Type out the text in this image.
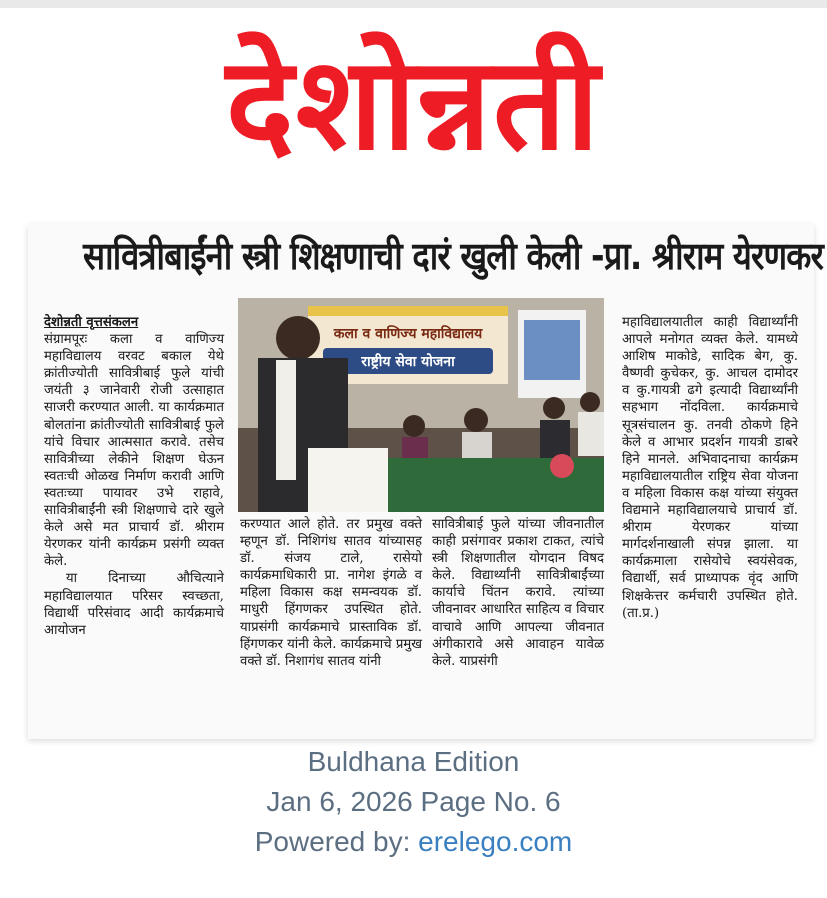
देशोन्नती
सावित्रीबाईंनी स्त्री शिक्षणाची दारं खुली केली -प्रा. श्रीराम येरणकर

देशोन्नती वृत्तसंकलन

संग्रामपूरः कला व वाणिज्य महाविद्यालय वरवट बकाल येथे क्रांतीज्योती सावित्रीबाई फुले यांची जयंती ३ जानेवारी रोजी उत्साहात साजरी करण्यात आली. या कार्यक्रमात बोलतांना क्रांतीज्योती सावित्रीबाई फुले यांचे विचार आत्मसात करावे. तसेच सावित्रीच्या लेकीने शिक्षण घेऊन स्वतःची ओळख निर्माण करावी आणि स्वतःच्या पायावर उभे राहावे, सावित्रीबाईंनी स्त्री शिक्षणाचे दारे खुले केले असे मत प्राचार्य डॉ. श्रीराम येरणकर यांनी कार्यक्रम प्रसंगी व्यक्त केले.

या दिनाच्या औचित्याने महाविद्यालयात परिसर स्वच्छता, विद्यार्थी परिसंवाद आदी कार्यक्रमाचे आयोजन

कला व वाणिज्य महाविद्यालय
राष्ट्रीय सेवा योजना

करण्यात आले होते. तर प्रमुख वक्ते म्हणून डॉ. निशिगंध सातव यांच्यासह डॉ. संजय टाले, रासेयो कार्यक्रमाधिकारी प्रा. नागेश इंगळे व महिला विकास कक्ष समन्वयक डॉ. माधुरी हिंगणकर उपस्थित होते. याप्रसंगी कार्यक्रमाचे प्रास्ताविक डॉ. हिंगणकर यांनी केले. कार्यक्रमाचे प्रमुख वक्ते डॉ. निशागंध सातव यांनी

सावित्रीबाई फुले यांच्या जीवनातील काही प्रसंगावर प्रकाश टाकत, त्यांचे स्त्री शिक्षणातील योगदान विषद केले. विद्यार्थ्यांनी सावित्रीबाईंच्या कार्याचे चिंतन करावे. त्यांच्या जीवनावर आधारित साहित्य व विचार वाचावे आणि आपल्या जीवनात अंगीकारावे असे आवाहन यावेळ केले. याप्रसंगी

महाविद्यालयातील काही विद्यार्थ्यांनी आपले मनोगत व्यक्त केले. यामध्ये आशिष माकोडे, सादिक बेग, कु. वैष्णवी कुचेकर, कु. आचल दामोदर व कु.गायत्री ढगे इत्यादी विद्यार्थ्यांनी सहभाग नोंदविला. कार्यक्रमाचे सूत्रसंचालन कु. तनवी ठोकणे हिने केले व आभार प्रदर्शन गायत्री डाबरे हिने मानले. अभिवादनाचा कार्यक्रम महाविद्यालयातील राष्ट्रिय सेवा योजना व महिला विकास कक्ष यांच्या संयुक्त विद्यमाने महाविद्यालयाचे प्राचार्य डॉ. श्रीराम येरणकर यांच्या मार्गदर्शनाखाली संपन्न झाला. या कार्यक्रमाला रासेयोचे स्वयंसेवक, विद्यार्थी, सर्व प्राध्यापक वृंद आणि शिक्षकेत्तर कर्मचारी उपस्थित होते. (ता.प्र.)

Buldhana Edition
Jan 6, 2026 Page No. 6
Powered by: erelego.com
